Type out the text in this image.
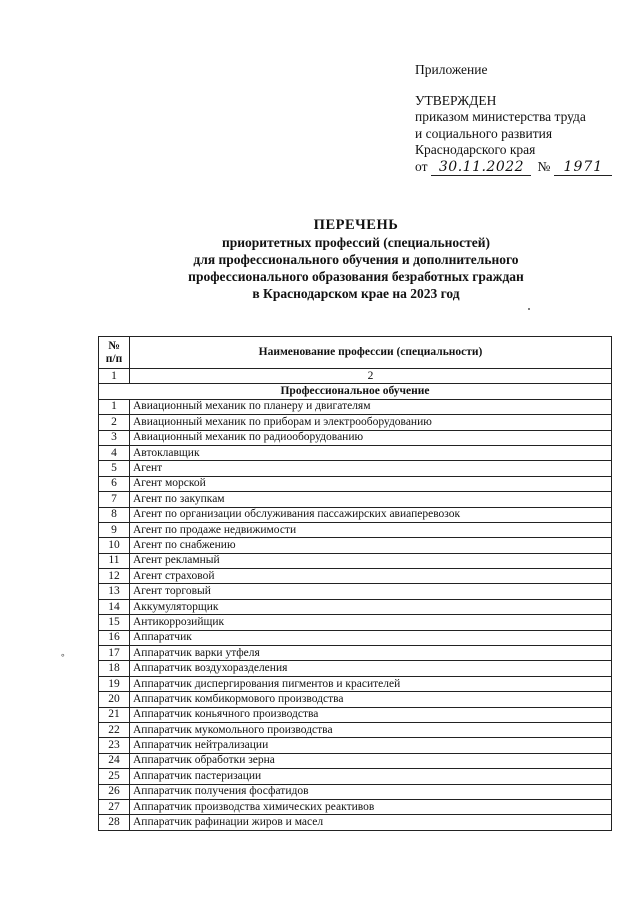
Приложение
УТВЕРЖДЕН
приказом министерства труда
и социального развития
Краснодарского края
от 30.11.2022 № 1971
ПЕРЕЧЕНЬ
приоритетных профессий (специальностей)
для профессионального обучения и дополнительного
профессионального образования безработных граждан
в Краснодарском крае на 2023 год
∘
№
п/п	Наименование профессии (специальности)
1	2
Профессиональное обучение	
1	Авиационный механик по планеру и двигателям
2	Авиационный механик по приборам и электрооборудованию
3	Авиационный механик по радиооборудованию
4	Автоклавщик
5	Агент
6	Агент морской
7	Агент по закупкам
8	Агент по организации обслуживания пассажирских авиаперевозок
9	Агент по продаже недвижимости
10	Агент по снабжению
11	Агент рекламный
12	Агент страховой
13	Агент торговый
14	Аккумуляторщик
15	Антикоррозийщик
16	Аппаратчик
17	Аппаратчик варки утфеля
18	Аппаратчик воздухоразделения
19	Аппаратчик диспергирования пигментов и красителей
20	Аппаратчик комбикормового производства
21	Аппаратчик коньячного производства
22	Аппаратчик мукомольного производства
23	Аппаратчик нейтрализации
24	Аппаратчик обработки зерна
25	Аппаратчик пастеризации
26	Аппаратчик получения фосфатидов
27	Аппаратчик производства химических реактивов
28	Аппаратчик рафинации жиров и масел
